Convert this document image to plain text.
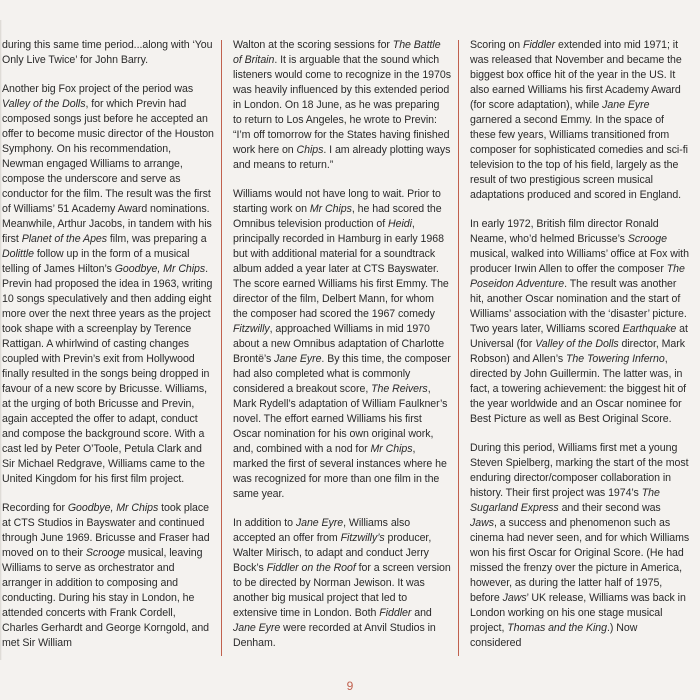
during this same time period...along with ‘You Only Live Twice’ for John Barry.

Another big Fox project of the period was Valley of the Dolls, for which Previn had composed songs just before he accepted an offer to become music director of the Houston Symphony. On his recommendation, Newman engaged Williams to arrange, compose the underscore and serve as conductor for the film. The result was the first of Williams’ 51 Academy Award nominations. Meanwhile, Arthur Jacobs, in tandem with his first Planet of the Apes film, was preparing a Dolittle follow up in the form of a musical telling of James Hilton’s Goodbye, Mr Chips. Previn had proposed the idea in 1963, writing 10 songs speculatively and then adding eight more over the next three years as the project took shape with a screenplay by Terence Rattigan. A whirlwind of casting changes coupled with Previn’s exit from Hollywood finally resulted in the songs being dropped in favour of a new score by Bricusse. Williams, at the urging of both Bricusse and Previn, again accepted the offer to adapt, conduct and compose the background score. With a cast led by Peter O’Toole, Petula Clark and Sir Michael Redgrave, Williams came to the United Kingdom for his first film project.

Recording for Goodbye, Mr Chips took place at CTS Studios in Bayswater and continued through June 1969. Bricusse and Fraser had moved on to their Scrooge musical, leaving Williams to serve as orchestrator and arranger in addition to composing and conducting. During his stay in London, he attended concerts with Frank Cordell, Charles Gerhardt and George Korngold, and met Sir William

Walton at the scoring sessions for The Battle of Britain. It is arguable that the sound which listeners would come to recognize in the 1970s was heavily influenced by this extended period in London. On 18 June, as he was preparing to return to Los Angeles, he wrote to Previn: “I’m off tomorrow for the States having finished work here on Chips. I am already plotting ways and means to return.”

Williams would not have long to wait. Prior to starting work on Mr Chips, he had scored the Omnibus television production of Heidi, principally recorded in Hamburg in early 1968 but with additional material for a soundtrack album added a year later at CTS Bayswater. The score earned Williams his first Emmy. The director of the film, Delbert Mann, for whom the composer had scored the 1967 comedy Fitzwilly, approached Williams in mid 1970 about a new Omnibus adaptation of Charlotte Brontë’s Jane Eyre. By this time, the composer had also completed what is commonly considered a breakout score, The Reivers, Mark Rydell’s adaptation of William Faulkner’s novel. The effort earned Williams his first Oscar nomination for his own original work, and, combined with a nod for Mr Chips, marked the first of several instances where he was recognized for more than one film in the same year.

In addition to Jane Eyre, Williams also accepted an offer from Fitzwilly’s producer, Walter Mirisch, to adapt and conduct Jerry Bock’s Fiddler on the Roof for a screen version to be directed by Norman Jewison. It was another big musical project that led to extensive time in London. Both Fiddler and Jane Eyre were recorded at Anvil Studios in Denham.

Scoring on Fiddler extended into mid 1971; it was released that November and became the biggest box office hit of the year in the US. It also earned Williams his first Academy Award (for score adaptation), while Jane Eyre garnered a second Emmy. In the space of these few years, Williams transitioned from composer for sophisticated comedies and sci-fi television to the top of his field, largely as the result of two prestigious screen musical adaptations produced and scored in England.

In early 1972, British film director Ronald Neame, who’d helmed Bricusse’s Scrooge musical, walked into Williams’ office at Fox with producer Irwin Allen to offer the composer The Poseidon Adventure. The result was another hit, another Oscar nomination and the start of Williams’ association with the ‘disaster’ picture. Two years later, Williams scored Earthquake at Universal (for Valley of the Dolls director, Mark Robson) and Allen’s The Towering Inferno, directed by John Guillermin. The latter was, in fact, a towering achievement: the biggest hit of the year worldwide and an Oscar nominee for Best Picture as well as Best Original Score.

During this period, Williams first met a young Steven Spielberg, marking the start of the most enduring director/composer collaboration in history. Their first project was 1974’s The Sugarland Express and their second was Jaws, a success and phenomenon such as cinema had never seen, and for which Williams won his first Oscar for Original Score. (He had missed the frenzy over the picture in America, however, as during the latter half of 1975, before Jaws’ UK release, Williams was back in London working on his one stage musical project, Thomas and the King.) Now considered

9
